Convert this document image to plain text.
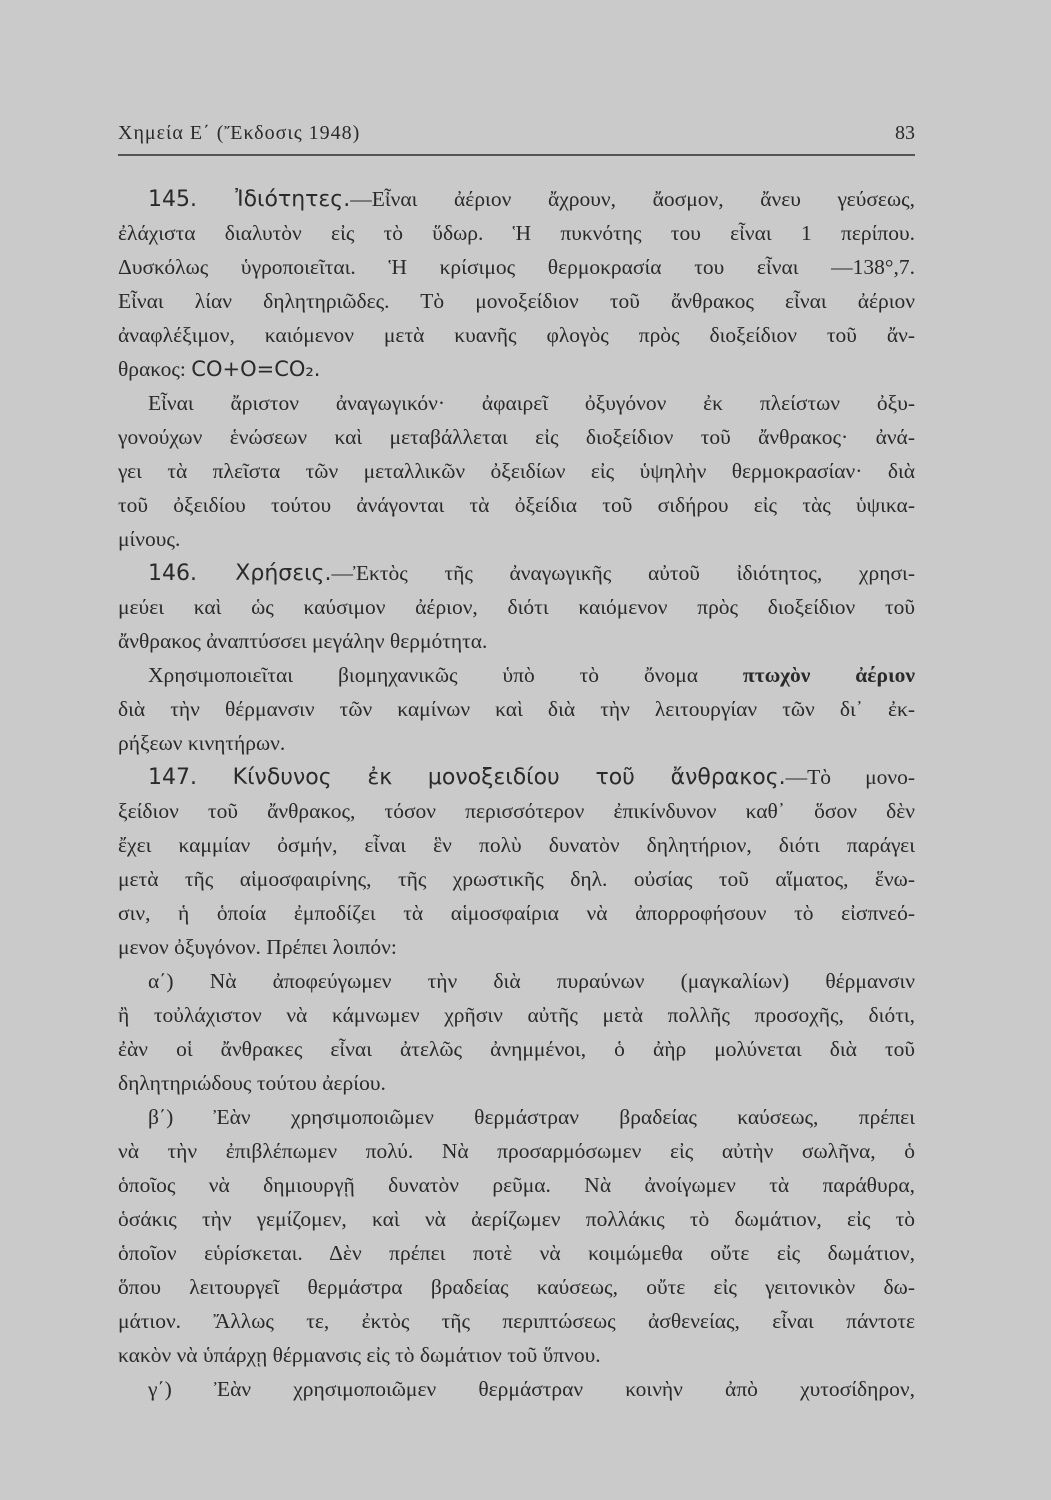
Χημεία Ε΄ (Ἔκδοσις 1948)	83
145. Ἰδιότητες.—Εἶναι ἀέριον ἄχρουν, ἄοσμον, ἄνευ γεύσεως,
ἐλάχιστα διαλυτὸν εἰς τὸ ὕδωρ. Ἡ πυκνότης του εἶναι 1 περίπου.
Δυσκόλως ὑγροποιεῖται. Ἡ κρίσιμος θερμοκρασία του εἶναι —138°,7.
Εἶναι λίαν δηλητηριῶδες. Τὸ μονοξείδιον τοῦ ἄνθρακος εἶναι ἀέριον
ἀναφλέξιμον, καιόμενον μετὰ κυανῆς φλογὸς πρὸς διοξείδιον τοῦ ἄν-
θρακος: CO+O=CO₂.
Εἶναι ἄριστον ἀναγωγικόν· ἀφαιρεῖ ὀξυγόνον ἐκ πλείστων ὀξυ-
γονούχων ἑνώσεων καὶ μεταβάλλεται εἰς διοξείδιον τοῦ ἄνθρακος· ἀνά-
γει τὰ πλεῖστα τῶν μεταλλικῶν ὀξειδίων εἰς ὑψηλὴν θερμοκρασίαν· διὰ
τοῦ ὀξειδίου τούτου ἀνάγονται τὰ ὀξείδια τοῦ σιδήρου εἰς τὰς ὑψικα-
μίνους.
146. Χρήσεις.—Ἐκτὸς τῆς ἀναγωγικῆς αὐτοῦ ἰδιότητος, χρησι-
μεύει καὶ ὡς καύσιμον ἀέριον, διότι καιόμενον πρὸς διοξείδιον τοῦ
ἄνθρακος ἀναπτύσσει μεγάλην θερμότητα.
Χρησιμοποιεῖται βιομηχανικῶς ὑπὸ τὸ ὄνομα πτωχὸν ἀέριον
διὰ τὴν θέρμανσιν τῶν καμίνων καὶ διὰ τὴν λειτουργίαν τῶν δι᾽ ἐκ-
ρήξεων κινητήρων.
147. Κίνδυνος ἐκ μονοξειδίου τοῦ ἄνθρακος.—Τὸ μονο-
ξείδιον τοῦ ἄνθρακος, τόσον περισσότερον ἐπικίνδυνον καθ᾽ ὅσον δὲν
ἔχει καμμίαν ὀσμήν, εἶναι ἓν πολὺ δυνατὸν δηλητήριον, διότι παράγει
μετὰ τῆς αἱμοσφαιρίνης, τῆς χρωστικῆς δηλ. οὐσίας τοῦ αἵματος, ἕνω-
σιν, ἡ ὁποία ἐμποδίζει τὰ αἱμοσφαίρια νὰ ἀπορροφήσουν τὸ εἰσπνεό-
μενον ὀξυγόνον. Πρέπει λοιπόν:
α΄) Νὰ ἀποφεύγωμεν τὴν διὰ πυραύνων (μαγκαλίων) θέρμανσιν
ἢ τοὐλάχιστον νὰ κάμνωμεν χρῆσιν αὐτῆς μετὰ πολλῆς προσοχῆς, διότι,
ἐὰν οἱ ἄνθρακες εἶναι ἀτελῶς ἀνημμένοι, ὁ ἀὴρ μολύνεται διὰ τοῦ
δηλητηριώδους τούτου ἀερίου.
β΄) Ἐὰν χρησιμοποιῶμεν θερμάστραν βραδείας καύσεως, πρέπει
νὰ τὴν ἐπιβλέπωμεν πολύ. Νὰ προσαρμόσωμεν εἰς αὐτὴν σωλῆνα, ὁ
ὁποῖος νὰ δημιουργῇ δυνατὸν ρεῦμα. Νὰ ἀνοίγωμεν τὰ παράθυρα,
ὁσάκις τὴν γεμίζομεν, καὶ νὰ ἀερίζωμεν πολλάκις τὸ δωμάτιον, εἰς τὸ
ὁποῖον εὑρίσκεται. Δὲν πρέπει ποτὲ νὰ κοιμώμεθα οὔτε εἰς δωμάτιον,
ὅπου λειτουργεῖ θερμάστρα βραδείας καύσεως, οὔτε εἰς γειτονικὸν δω-
μάτιον. Ἄλλως τε, ἐκτὸς τῆς περιπτώσεως ἀσθενείας, εἶναι πάντοτε
κακὸν νὰ ὑπάρχῃ θέρμανσις εἰς τὸ δωμάτιον τοῦ ὕπνου.
γ΄) Ἐὰν χρησιμοποιῶμεν θερμάστραν κοινὴν ἀπὸ χυτοσίδηρον,
